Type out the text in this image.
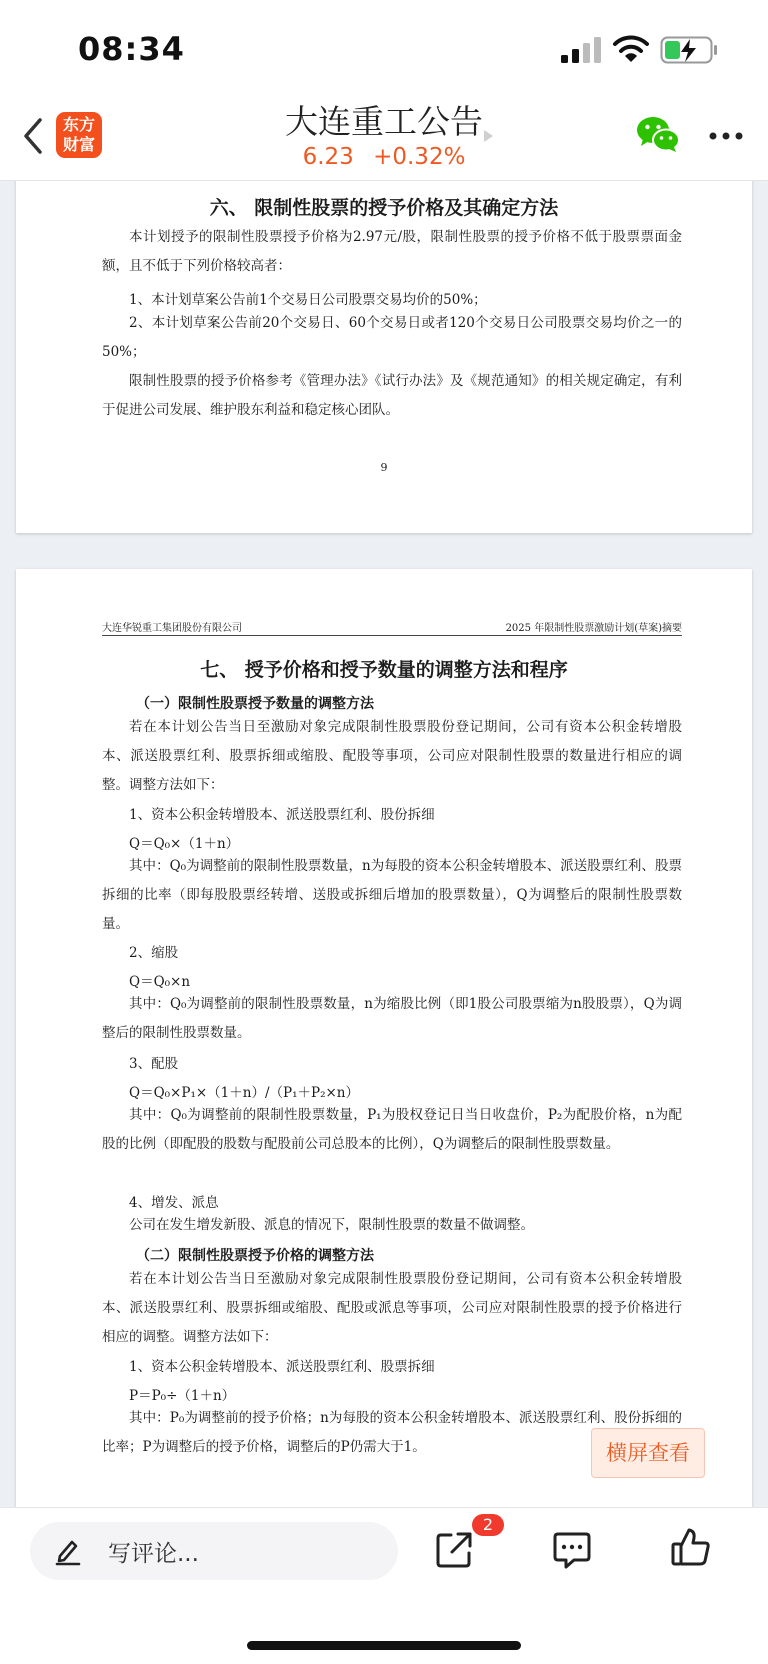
08:34
东方
财富
大连重工公告
6.23 +0.32%
六、 限制性股票的授予价格及其确定方法
本计划授予的限制性股票授予价格为2.97元/股，限制性股票的授予价格不低于股票票面金额，且不低于下列价格较高者：
1、本计划草案公告前1个交易日公司股票交易均价的50%；
2、本计划草案公告前20个交易日、60个交易日或者120个交易日公司股票交易均价之一的50%；
限制性股票的授予价格参考《管理办法》《试行办法》及《规范通知》的相关规定确定，有利于促进公司发展、维护股东利益和稳定核心团队。
9
大连华锐重工集团股份有限公司	2025 年限制性股票激励计划(草案)摘要
七、 授予价格和授予数量的调整方法和程序
（一）限制性股票授予数量的调整方法
若在本计划公告当日至激励对象完成限制性股票股份登记期间，公司有资本公积金转增股本、派送股票红利、股票拆细或缩股、配股等事项，公司应对限制性股票的数量进行相应的调整。调整方法如下：
1、资本公积金转增股本、派送股票红利、股份拆细
Q＝Q₀×（1＋n）
其中：Q₀为调整前的限制性股票数量，n为每股的资本公积金转增股本、派送股票红利、股票拆细的比率（即每股股票经转增、送股或拆细后增加的股票数量），Q为调整后的限制性股票数量。
2、缩股
Q＝Q₀×n
其中：Q₀为调整前的限制性股票数量，n为缩股比例（即1股公司股票缩为n股股票），Q为调整后的限制性股票数量。
3、配股
Q＝Q₀×P₁×（1＋n）/（P₁＋P₂×n）
其中：Q₀为调整前的限制性股票数量，P₁为股权登记日当日收盘价，P₂为配股价格，n为配股的比例（即配股的股数与配股前公司总股本的比例），Q为调整后的限制性股票数量。
4、增发、派息
公司在发生增发新股、派息的情况下，限制性股票的数量不做调整。
（二）限制性股票授予价格的调整方法
若在本计划公告当日至激励对象完成限制性股票股份登记期间，公司有资本公积金转增股本、派送股票红利、股票拆细或缩股、配股或派息等事项，公司应对限制性股票的授予价格进行相应的调整。调整方法如下：
1、资本公积金转增股本、派送股票红利、股票拆细
P＝P₀÷（1＋n）
其中：P₀为调整前的授予价格；n为每股的资本公积金转增股本、派送股票红利、股份拆细的比率；P为调整后的授予价格，调整后的P仍需大于1。	横屏查看
写评论...
2
